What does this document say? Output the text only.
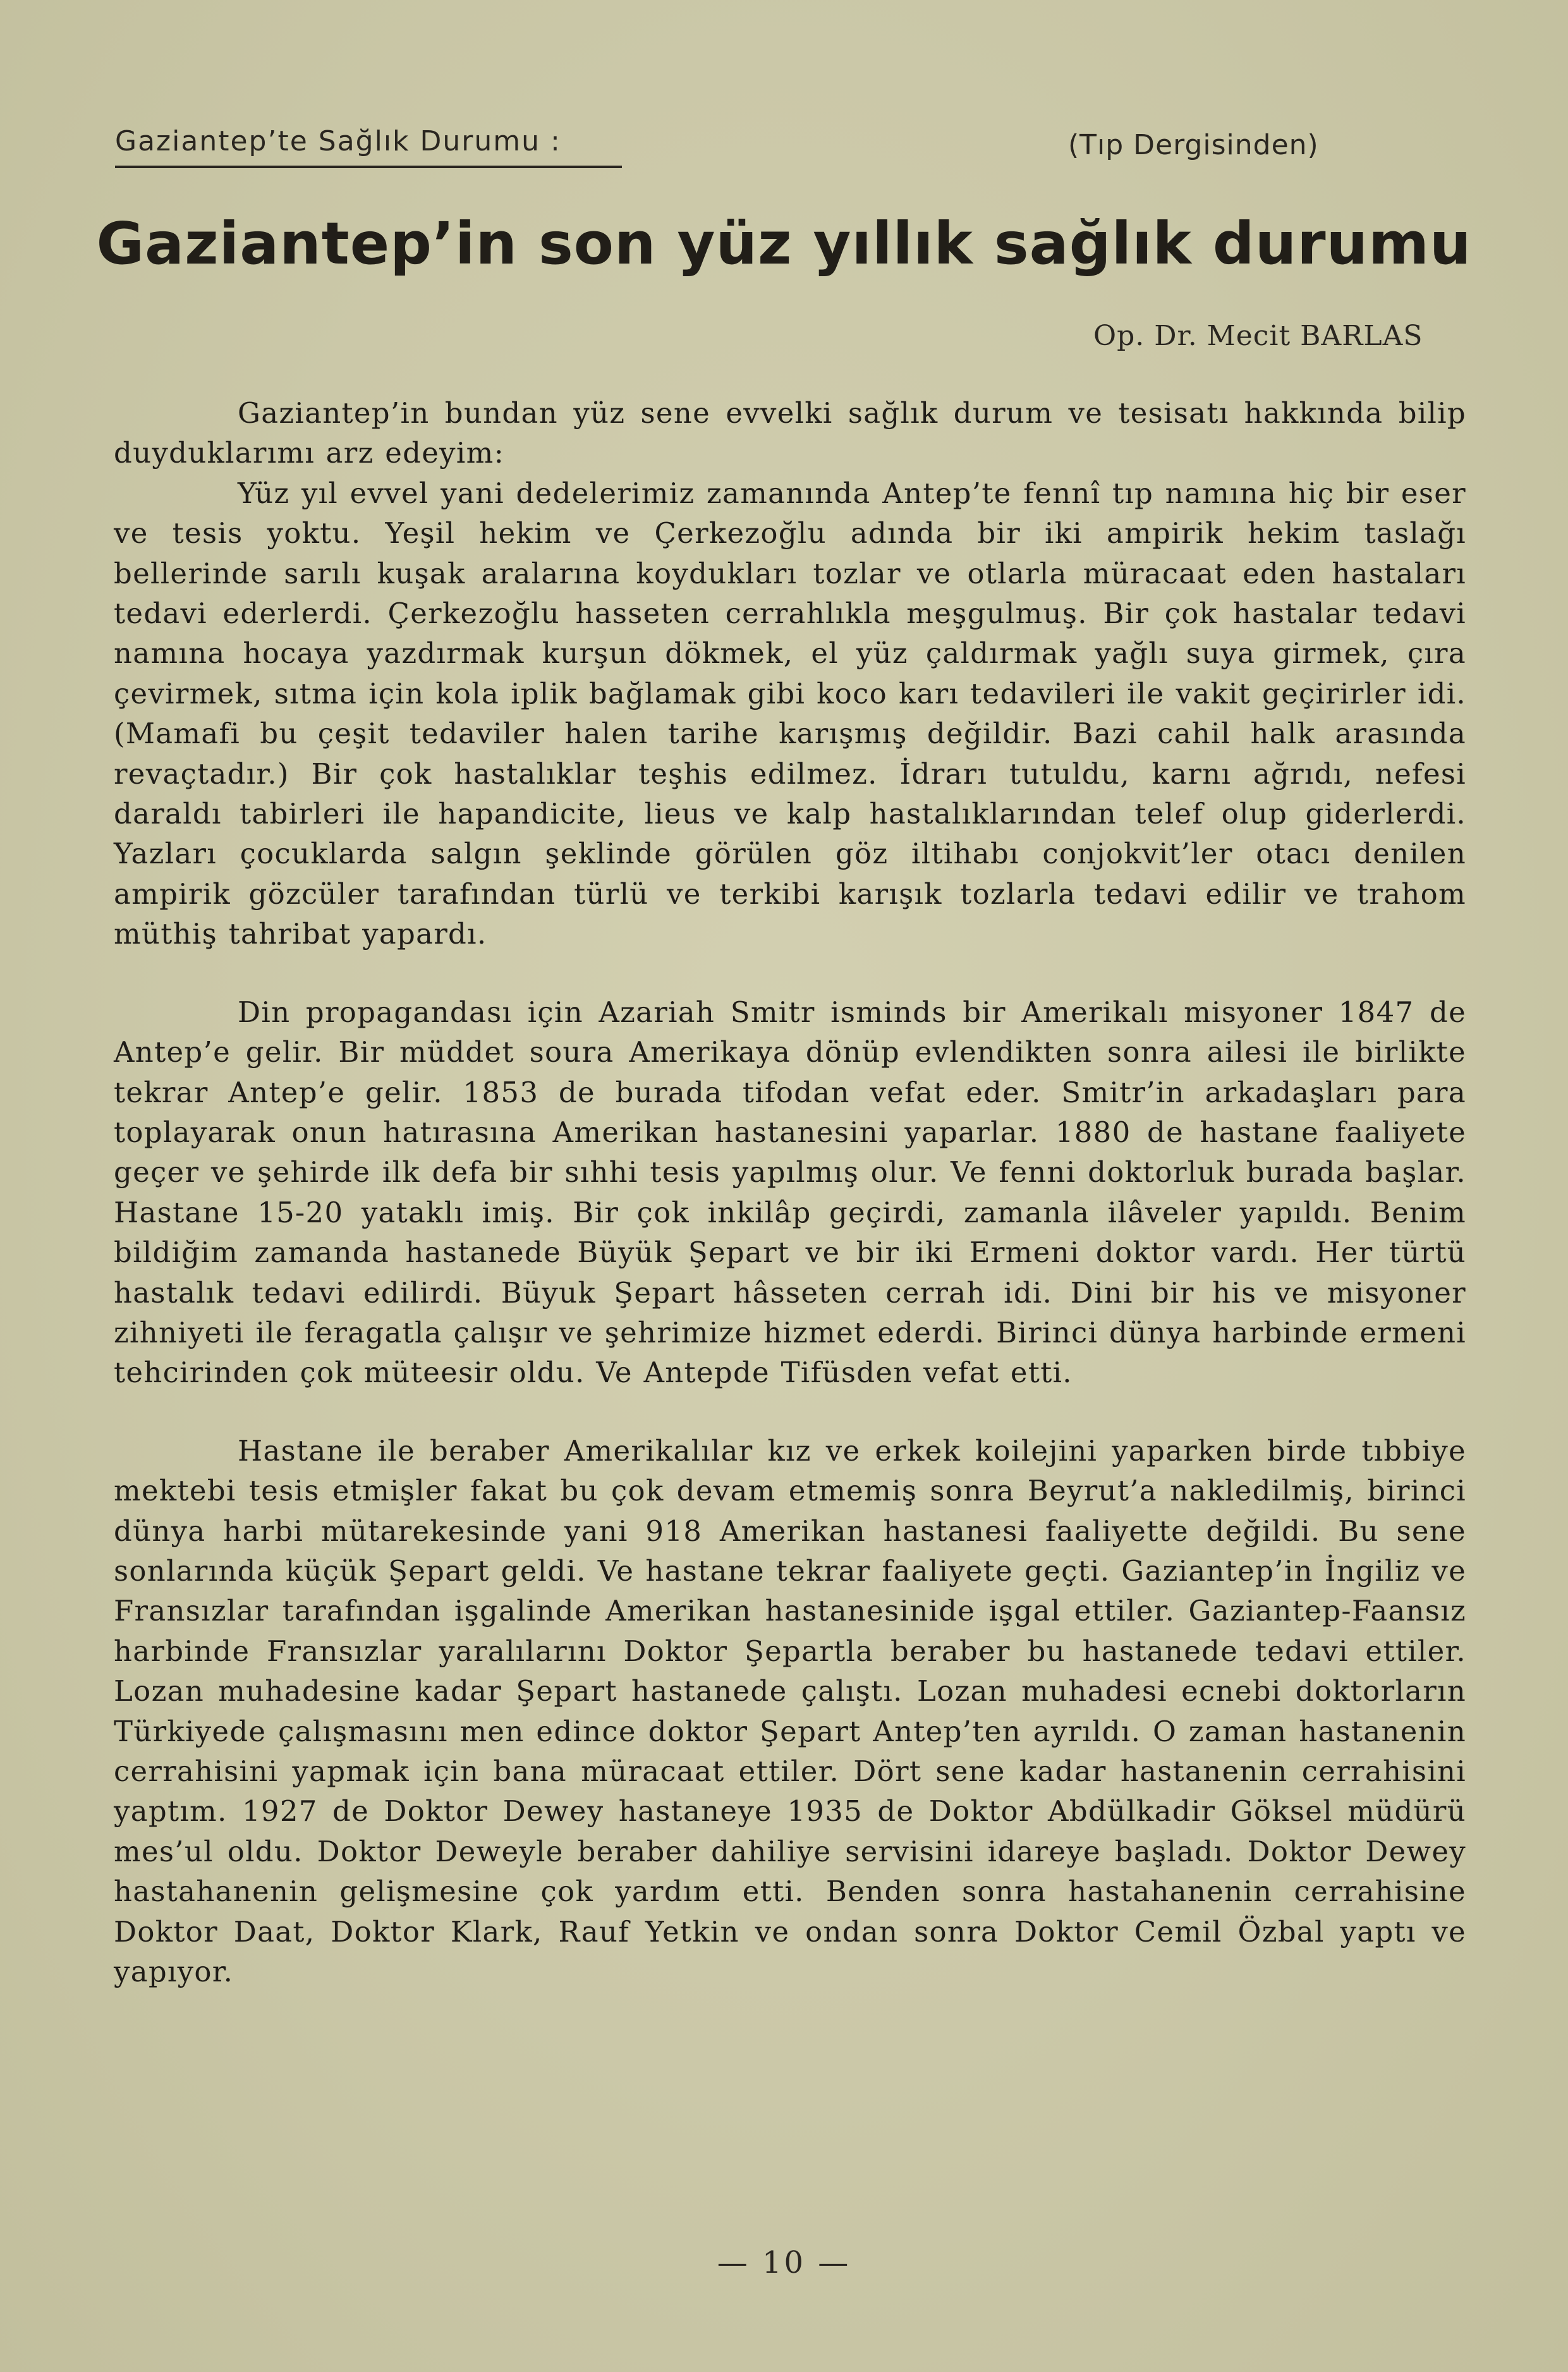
Gaziantep’te Sağlık Durumu :	(Tıp Dergisinden)
Gaziantep’in son yüz yıllık sağlık durumu
Op. Dr. Mecit BARLAS

Gaziantep’in bundan yüz sene evvelki sağlık durum ve tesisatı hakkında bilip duyduklarımı arz edeyim:

Yüz yıl evvel yani dedelerimiz zamanında Antep’te fennî tıp namına hiç bir eser ve tesis yoktu. Yeşil hekim ve Çerkezoğlu adında bir iki ampirik hekim taslağı bellerinde sarılı kuşak aralarına koydukları tozlar ve otlarla müracaat eden hastaları tedavi ederlerdi. Çerkezoğlu hasseten cerrahlıkla meşgulmuş. Bir çok hastalar tedavi namına hocaya yazdırmak kurşun dökmek, el yüz çaldırmak yağlı suya girmek, çıra çevirmek, sıtma için kola iplik bağlamak gibi koco karı tedavileri ile vakit geçirirler idi. (Mamafi bu çeşit tedaviler halen tarihe karışmış değildir. Bazi cahil halk arasında revaçtadır.) Bir çok hastalıklar teşhis edilmez. İdrarı tutuldu, karnı ağrıdı, nefesi daraldı tabirleri ile hapandicite, lieus ve kalp hastalıklarından telef olup giderlerdi. Yazları çocuklarda salgın şeklinde görülen göz iltihabı conjokvit’ler otacı denilen ampirik gözcüler tarafından türlü ve terkibi karışık tozlarla tedavi edilir ve trahom müthiş tahribat yapardı.

Din propagandası için Azariah Smitr isminds bir Amerikalı misyoner 1847 de Antep’e gelir. Bir müddet soura Amerikaya dönüp evlendikten sonra ailesi ile birlikte tekrar Antep’e gelir. 1853 de burada tifodan vefat eder. Smitr’in arkadaşları para toplayarak onun hatırasına Amerikan hastanesini yaparlar. 1880 de hastane faaliyete geçer ve şehirde ilk defa bir sıhhi tesis yapılmış olur. Ve fenni doktorluk burada başlar. Hastane 15-20 yataklı imiş. Bir çok inkilâp geçirdi, zamanla ilâveler yapıldı. Benim bildiğim zamanda hastanede Büyük Şepart ve bir iki Ermeni doktor vardı. Her türtü hastalık tedavi edilirdi. Büyuk Şepart hâsseten cerrah idi. Dini bir his ve misyoner zihniyeti ile feragatla çalışır ve şehrimize hizmet ederdi. Birinci dünya harbinde ermeni tehcirinden çok müteesir oldu. Ve Antepde Tifüsden vefat etti.

Hastane ile beraber Amerikalılar kız ve erkek koilejini yaparken birde tıbbiye mektebi tesis etmişler fakat bu çok devam etmemiş sonra Beyrut’a nakledilmiş, birinci dünya harbi mütarekesinde yani 918 Amerikan hastanesi faaliyette değildi. Bu sene sonlarında küçük Şepart geldi. Ve hastane tekrar faaliyete geçti. Gaziantep’in İngiliz ve Fransızlar tarafından işgalinde Amerikan hastanesinide işgal ettiler. Gaziantep-Faansız harbinde Fransızlar yaralılarını Doktor Şepartla beraber bu hastanede tedavi ettiler. Lozan muhadesine kadar Şepart hastanede çalıştı. Lozan muhadesi ecnebi doktorların Türkiyede çalışmasını men edince doktor Şepart Antep’ten ayrıldı. O zaman hastanenin cerrahisini yapmak için bana müracaat ettiler. Dört sene kadar hastanenin cerrahisini yaptım. 1927 de Doktor Dewey hastaneye 1935 de Doktor Abdülkadir Göksel müdürü mes’ul oldu. Doktor Deweyle beraber dahiliye servisini idareye başladı. Doktor Dewey hastahanenin gelişmesine çok yardım etti. Benden sonra hastahanenin cerrahisine Doktor Daat, Doktor Klark, Rauf Yetkin ve ondan sonra Doktor Cemil Özbal yaptı ve yapıyor.

— 10 —
